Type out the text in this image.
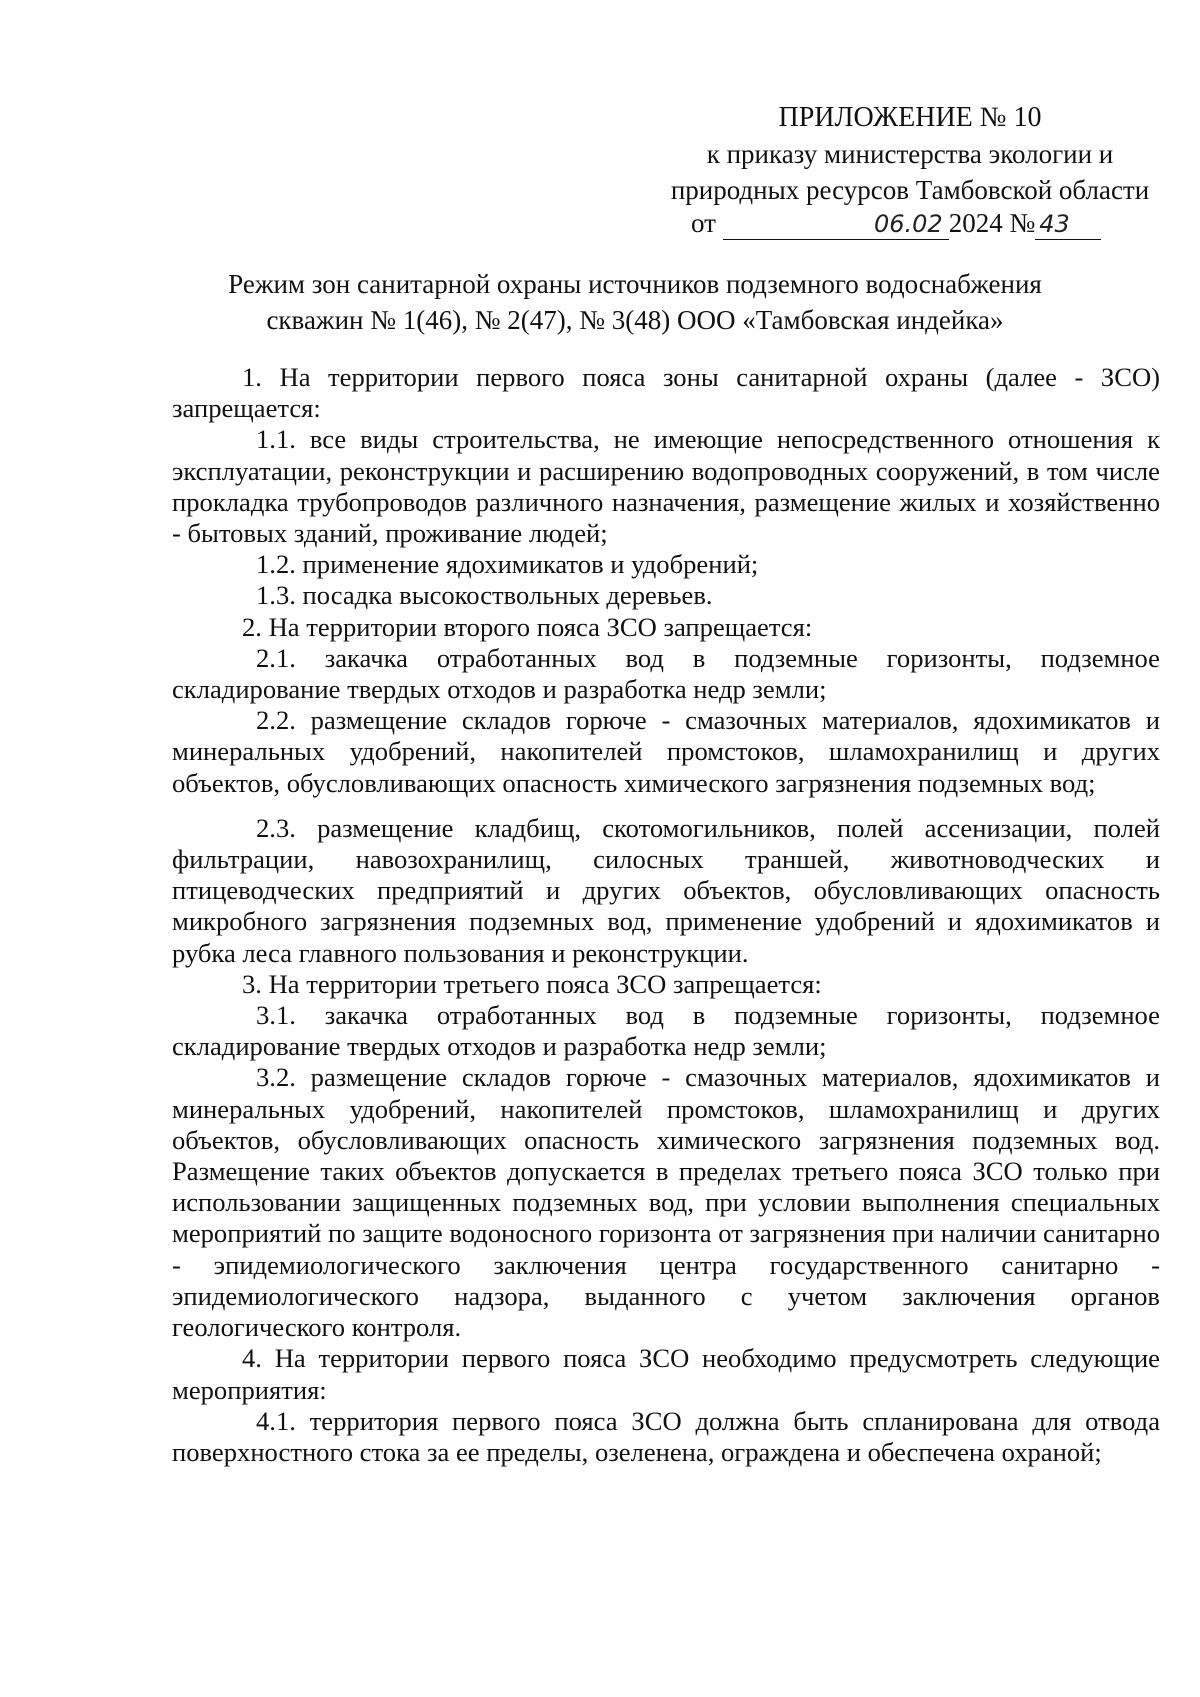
ПРИЛОЖЕНИЕ № 10
к приказу министерства экологии и
природных ресурсов Тамбовской области
от	06.02 2024 № 43
Режим зон санитарной охраны источников подземного водоснабжения
скважин № 1(46), № 2(47), № 3(48) ООО «Тамбовская индейка»

1. На территории первого пояса зоны санитарной охраны (далее - ЗСО) запрещается:

1.1. все виды строительства, не имеющие непосредственного отношения к эксплуатации, реконструкции и расширению водопроводных сооружений, в том числе прокладка трубопроводов различного назначения, размещение жилых и хозяйственно - бытовых зданий, проживание людей;

1.2. применение ядохимикатов и удобрений;

1.3. посадка высокоствольных деревьев.

2. На территории второго пояса ЗСО запрещается:

2.1. закачка отработанных вод в подземные горизонты, подземное складирование твердых отходов и разработка недр земли;

2.2. размещение складов горюче - смазочных материалов, ядохимикатов и минеральных удобрений, накопителей промстоков, шламохранилищ и других объектов, обусловливающих опасность химического загрязнения подземных вод;

2.3. размещение кладбищ, скотомогильников, полей ассенизации, полей фильтрации, навозохранилищ, силосных траншей, животноводческих и птицеводческих предприятий и других объектов, обусловливающих опасность микробного загрязнения подземных вод, применение удобрений и ядохимикатов и рубка леса главного пользования и реконструкции.

3. На территории третьего пояса ЗСО запрещается:

3.1. закачка отработанных вод в подземные горизонты, подземное складирование твердых отходов и разработка недр земли;

3.2. размещение складов горюче - смазочных материалов, ядохимикатов и минеральных удобрений, накопителей промстоков, шламохранилищ и других объектов, обусловливающих опасность химического загрязнения подземных вод. Размещение таких объектов допускается в пределах третьего пояса ЗСО только при использовании защищенных подземных вод, при условии выполнения специальных мероприятий по защите водоносного горизонта от загрязнения при наличии санитарно - эпидемиологического заключения центра государственного санитарно - эпидемиологического надзора, выданного с учетом заключения органов геологического контроля.

4. На территории первого пояса ЗСО необходимо предусмотреть следующие мероприятия:

4.1. территория первого пояса ЗСО должна быть спланирована для отвода поверхностного стока за ее пределы, озеленена, ограждена и обеспечена охраной;
